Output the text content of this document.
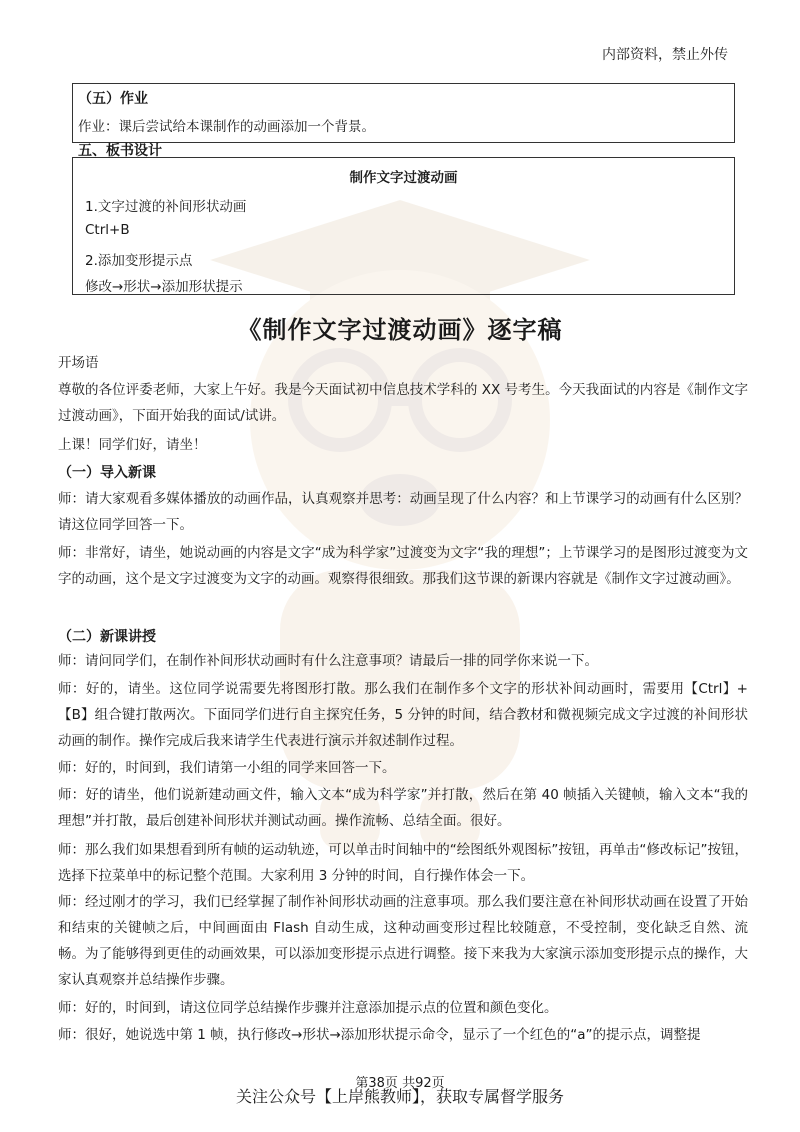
内部资料，禁止外传
（五）作业
作业：课后尝试给本课制作的动画添加一个背景。
五、板书设计
制作文字过渡动画
1.文字过渡的补间形状动画
Ctrl+B
2.添加变形提示点
修改→形状→添加形状提示
《制作文字过渡动画》逐字稿
开场语
尊敬的各位评委老师，大家上午好。我是今天面试初中信息技术学科的 XX 号考生。今天我面试的内容是《制作文字过渡动画》，下面开始我的面试/试讲。
上课！同学们好，请坐！
（一）导入新课
师：请大家观看多媒体播放的动画作品，认真观察并思考：动画呈现了什么内容？和上节课学习的动画有什么区别？请这位同学回答一下。
师：非常好，请坐，她说动画的内容是文字“成为科学家”过渡变为文字“我的理想”；上节课学习的是图形过渡变为文字的动画，这个是文字过渡变为文字的动画。观察得很细致。那我们这节课的新课内容就是《制作文字过渡动画》。
（二）新课讲授
师：请问同学们，在制作补间形状动画时有什么注意事项？请最后一排的同学你来说一下。
师：好的，请坐。这位同学说需要先将图形打散。那么我们在制作多个文字的形状补间动画时，需要用【Ctrl】+【B】组合键打散两次。下面同学们进行自主探究任务，5 分钟的时间，结合教材和微视频完成文字过渡的补间形状动画的制作。操作完成后我来请学生代表进行演示并叙述制作过程。
师：好的，时间到，我们请第一小组的同学来回答一下。
师：好的请坐，他们说新建动画文件，输入文本“成为科学家”并打散，然后在第 40 帧插入关键帧，输入文本“我的理想”并打散，最后创建补间形状并测试动画。操作流畅、总结全面。很好。
师：那么我们如果想看到所有帧的运动轨迹，可以单击时间轴中的“绘图纸外观图标”按钮，再单击“修改标记”按钮，选择下拉菜单中的标记整个范围。大家利用 3 分钟的时间，自行操作体会一下。
师：经过刚才的学习，我们已经掌握了制作补间形状动画的注意事项。那么我们要注意在补间形状动画在设置了开始和结束的关键帧之后，中间画面由 Flash 自动生成，这种动画变形过程比较随意，不受控制，变化缺乏自然、流畅。为了能够得到更佳的动画效果，可以添加变形提示点进行调整。接下来我为大家演示添加变形提示点的操作，大家认真观察并总结操作步骤。
师：好的，时间到，请这位同学总结操作步骤并注意添加提示点的位置和颜色变化。
师：很好，她说选中第 1 帧，执行修改→形状→添加形状提示命令，显示了一个红色的“a”的提示点，调整提
第38页 共92页
关注公众号【上岸熊教师】，获取专属督学服务
